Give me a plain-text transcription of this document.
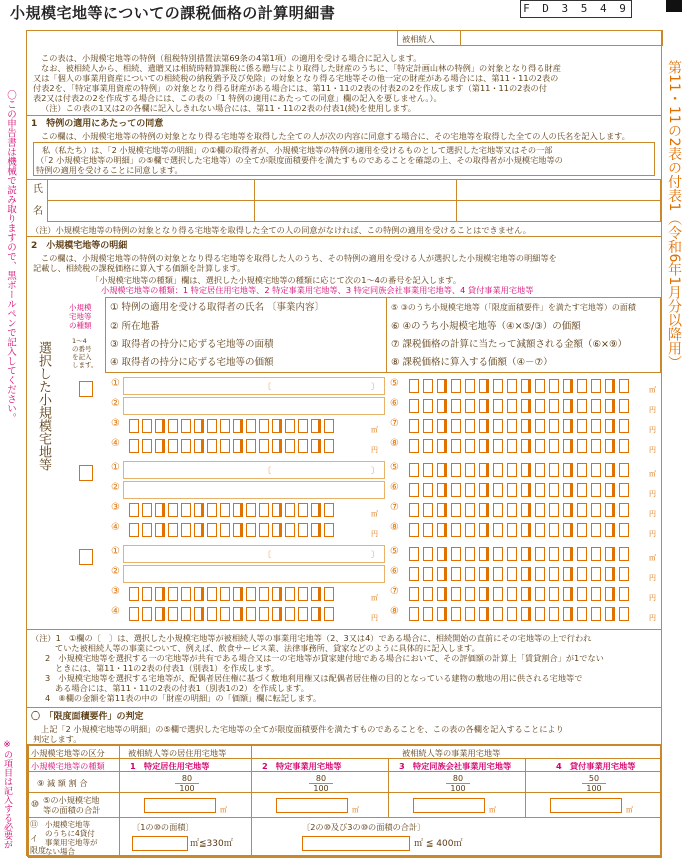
小規模宅地等についての課税価格の計算明細書	F D 3 5 4 9
〇この申告書は機械で読み取りますので、黒ボールペンで記入してください。
※の項目は記入する必要が
第11・11の2表の付表1（令和6年1月分以降用）
被相続人
この表は、小規模宅地等の特例（租税特別措置法第69条の4第1項）の適用を受ける場合に記入します。
なお、被相続人から、相続、遺贈又は相続時精算課税に係る贈与により取得した財産のうちに、「特定計画山林の特例」の対象となり得る財産
又は「個人の事業用資産についての相続税の納税猶予及び免除」の対象となり得る宅地等その他一定の財産がある場合には、第11・11の2表の
付表2を、「特定事業用資産の特例」の対象となり得る財産がある場合には、第11・11の2表の付表2の2を作成します（第11・11の2表の付
表2又は付表2の2を作成する場合には、この表の「1 特例の適用にあたっての同意」欄の記入を要しません。）。
（注）この表の1又は2の各欄に記入しきれない場合には、第11・11の2表の付表1(続)を使用します。
1　特例の適用にあたっての同意
この欄は、小規模宅地等の特例の対象となり得る宅地等を取得した全ての人が次の内容に同意する場合に、その宅地等を取得した全ての人の氏名を記入します。
私（私たち）は、「2 小規模宅地等の明細」の①欄の取得者が、小規模宅地等の特例の適用を受けるものとして選択した宅地等又はその一部
（「2 小規模宅地等の明細」の⑤欄で選択した宅地等）の全てが限度面積要件を満たすものであることを確認の上、その取得者が小規模宅地等の
特例の適用を受けることに同意します。
氏
名
（注）小規模宅地等の特例の対象となり得る宅地等を取得した全ての人の同意がなければ、この特例の適用を受けることはできません。
2　小規模宅地等の明細
この欄は、小規模宅地等の特例の対象となり得る宅地等を取得した人のうち、その特例の適用を受ける人が選択した小規模宅地等の明細等を
記載し、相続税の課税価格に算入する価額を計算します。
「小規模宅地等の種類」欄は、選択した小規模宅地等の種類に応じて次の1～4の番号を記入します。
小規模宅地等の種類：1 特定居住用宅地等、2 特定事業用宅地等、3 特定同族会社事業用宅地等、4 貸付事業用宅地等
選択した小規模宅地等
小規模
宅地等
の種類
1～4
の番号
を記入
します。
① 特例の適用を受ける取得者の氏名 〔事業内容〕
② 所在地番
③ 取得者の持分に応ずる宅地等の面積
④ 取得者の持分に応ずる宅地等の価額
⑤ ③のうち小規模宅地等（「限度面積要件」を満たす宅地等）の面積
⑥ ④のうち小規模宅地等（④×⑤/③）の価額
⑦ 課税価格の計算に当たって減額される金額（⑥×⑨）
⑧ 課税価格に算入する価額（④－⑦）
①	⑤
〔	〕	㎡
②	⑥
円
③	⑦
㎡	円
④	⑧
円	円
①	⑤
〔	〕	㎡
②	⑥
円
③	⑦
㎡	円
④	⑧
円	円
①	⑤
〔	〕	㎡
②	⑥
円
③	⑦
㎡	円
④	⑧
円	円
（注）1　①欄の〔　〕は、選択した小規模宅地等が被相続人等の事業用宅地等（2、3又は4）である場合に、相続開始の直前にその宅地等の上で行われ
ていた被相続人等の事業について、例えば、飲食サービス業、法律事務所、貸家などのように具体的に記入します。
2　小規模宅地等を選択する一の宅地等が共有である場合又は一の宅地等が貸家建付地である場合において、その評価額の計算上「賃貸割合」が1でない
ときには、第11・11の2表の付表1（別表1）を作成します。
3　小規模宅地等を選択する宅地等が、配偶者居住権に基づく敷地利用権又は配偶者居住権の目的となっている建物の敷地の用に供される宅地等で
ある場合には、第11・11の2表の付表1（別表1の2）を作成します。
4　⑧欄の金額を第11表の中の「財産の明細」の「価額」欄に転記します。
〇　「限度面積要件」の判定
上記「2 小規模宅地等の明細」の⑤欄で選択した宅地等の全てが限度面積要件を満たすものであることを、この表の各欄を記入することにより
判定します。
小規模宅地等の区分	被相続人等の居住用宅地等	被相続人等の事業用宅地等
小規模宅地等の種類	1　特定居住用宅地等	2　特定事業用宅地等	3　特定同族会社事業用宅地等	4　貸付事業用宅地等
⑨ 減 額 割 合	$\frac{80}{100}$	$\frac{80}{100}$	$\frac{80}{100}$	$\frac{50}{100}$
⑩ ⑤の小規模宅地
等の面積の合計	㎡	㎡	㎡	㎡
⑪
イ
限度
小規模宅地等
のうちに4貸付
事業用宅地等が
ない場合
〔1の⑩の面積〕
㎡≦330㎡
〔2の⑩及び3の⑩の面積の合計〕
㎡ ≦ 400㎡
